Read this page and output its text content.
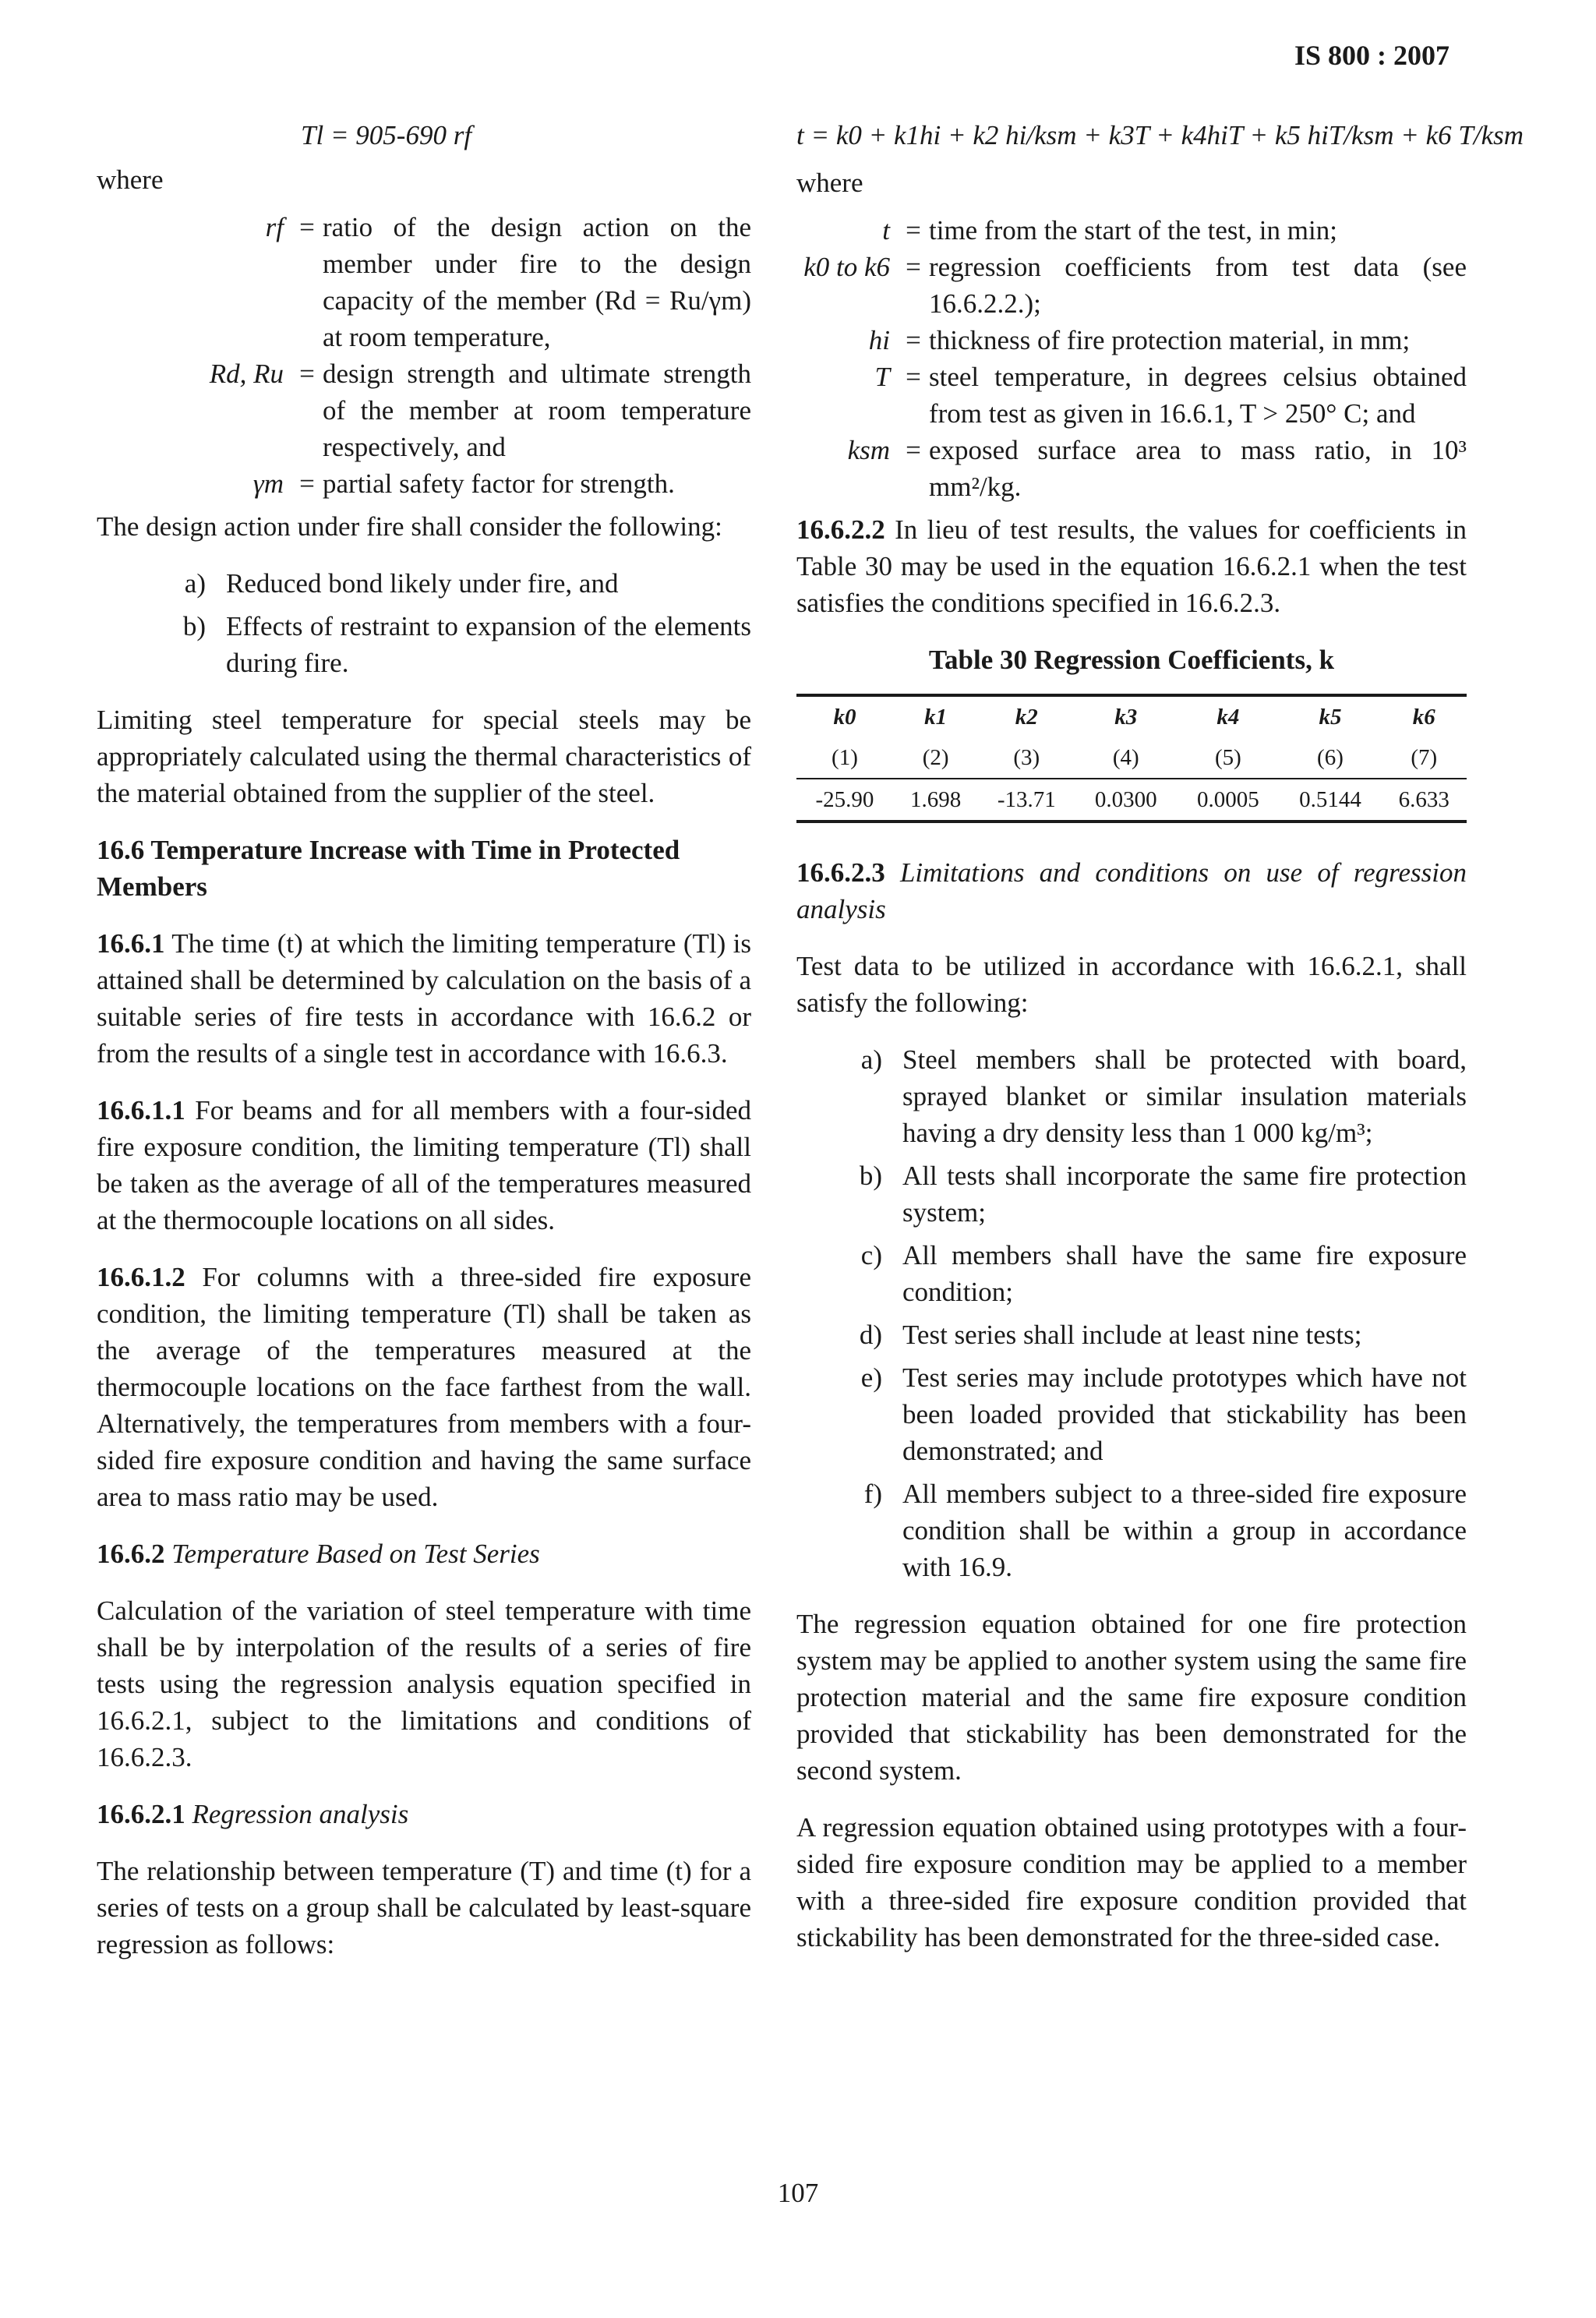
IS 800 : 2007
Tl = 905-690 rf
where
rf = ratio of the design action on the member under fire to the design capacity of the member (Rd = Ru/γm) at room temperature,
Rd, Ru = design strength and ultimate strength of the member at room temperature respectively, and
γm = partial safety factor for strength.

The design action under fire shall consider the following:

a) Reduced bond likely under fire, and
b) Effects of restraint to expansion of the elements during fire.

Limiting steel temperature for special steels may be appropriately calculated using the thermal characteristics of the material obtained from the supplier of the steel.

16.6 Temperature Increase with Time in Protected Members

16.6.1 The time (t) at which the limiting temperature (Tl) is attained shall be determined by calculation on the basis of a suitable series of fire tests in accordance with 16.6.2 or from the results of a single test in accordance with 16.6.3.

16.6.1.1 For beams and for all members with a four-sided fire exposure condition, the limiting temperature (Tl) shall be taken as the average of all of the temperatures measured at the thermocouple locations on all sides.

16.6.1.2 For columns with a three-sided fire exposure condition, the limiting temperature (Tl) shall be taken as the average of the temperatures measured at the thermocouple locations on the face farthest from the wall. Alternatively, the temperatures from members with a four-sided fire exposure condition and having the same surface area to mass ratio may be used.

16.6.2 Temperature Based on Test Series

Calculation of the variation of steel temperature with time shall be by interpolation of the results of a series of fire tests using the regression analysis equation specified in 16.6.2.1, subject to the limitations and conditions of 16.6.2.3.

16.6.2.1 Regression analysis

The relationship between temperature (T) and time (t) for a series of tests on a group shall be calculated by least-square regression as follows:

t = k0 + k1hi + k2 hi/ksm + k3T + k4hiT + k5 hiT/ksm + k6 T/ksm
where
t = time from the start of the test, in min;
k0 to k6 = regression coefficients from test data (see 16.6.2.2.);
hi = thickness of fire protection material, in mm;
T = steel temperature, in degrees celsius obtained from test as given in 16.6.1, T > 250° C; and
ksm = exposed surface area to mass ratio, in 10³ mm²/kg.

16.6.2.2 In lieu of test results, the values for coefficients in Table 30 may be used in the equation 16.6.2.1 when the test satisfies the conditions specified in 16.6.2.3.

Table 30 Regression Coefficients, k
k0	k1	k2	k3	k4	k5	k6
(1)	(2)	(3)	(4)	(5)	(6)	(7)
-25.90	1.698	-13.71	0.0300	0.0005	0.5144	6.633

16.6.2.3 Limitations and conditions on use of regression analysis

Test data to be utilized in accordance with 16.6.2.1, shall satisfy the following:

a) Steel members shall be protected with board, sprayed blanket or similar insulation materials having a dry density less than 1 000 kg/m³;
b) All tests shall incorporate the same fire protection system;
c) All members shall have the same fire exposure condition;
d) Test series shall include at least nine tests;
e) Test series may include prototypes which have not been loaded provided that stickability has been demonstrated; and
f) All members subject to a three-sided fire exposure condition shall be within a group in accordance with 16.9.

The regression equation obtained for one fire protection system may be applied to another system using the same fire protection material and the same fire exposure condition provided that stickability has been demonstrated for the second system.

A regression equation obtained using prototypes with a four-sided fire exposure condition may be applied to a member with a three-sided fire exposure condition provided that stickability has been demonstrated for the three-sided case.

107
